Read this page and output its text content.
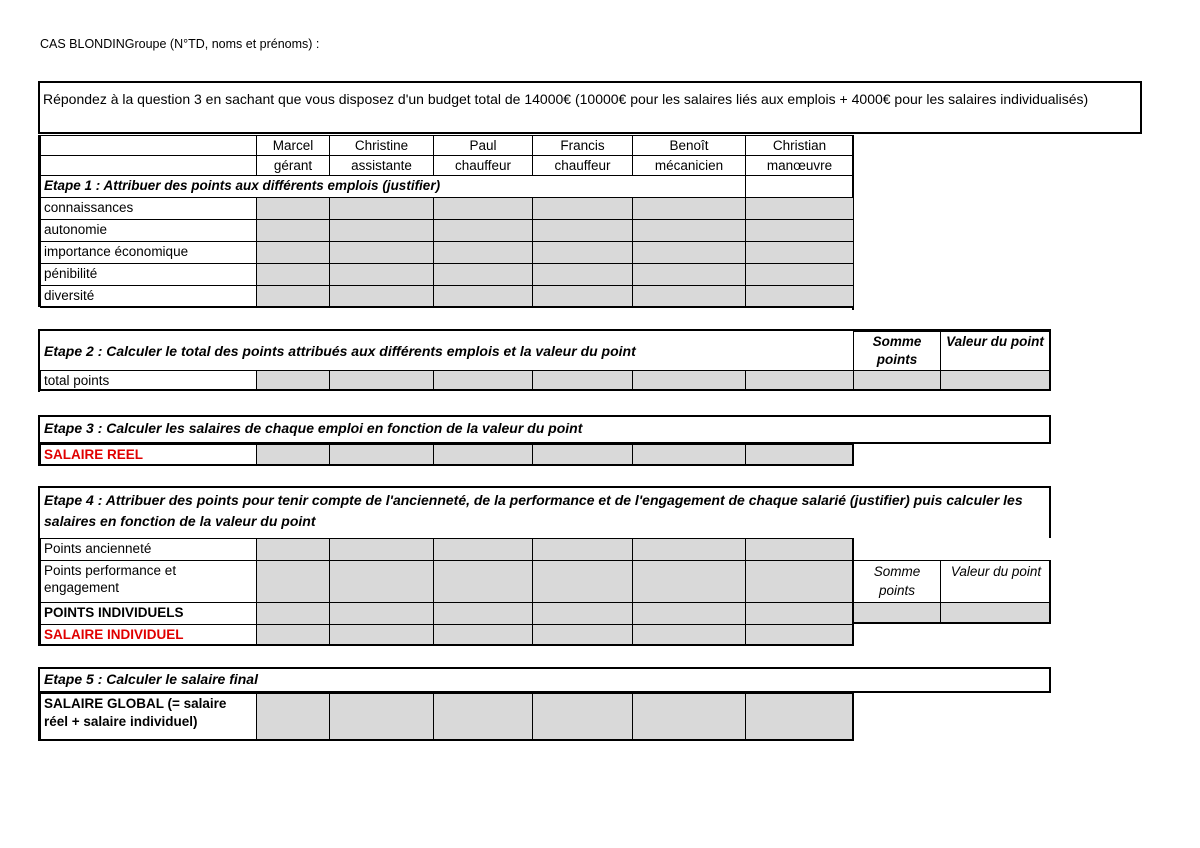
CAS BLONDINGroupe (N°TD, noms et prénoms) :
Répondez à la question 3 en sachant que vous disposez d'un budget total de 14000€ (10000€ pour les salaires liés aux emplois + 4000€ pour les salaires individualisés)
Marcel
gérant
Christine
assistante
Paul
chauffeur
Francis
chauffeur
Benoît
mécanicien
Christian
manœuvre
Etape 1 : Attribuer des points aux différents emplois (justifier)
connaissances
autonomie
importance économique
pénibilité
diversité
Etape 2 : Calculer le total des points attribués aux différents emplois et la valeur du point
Somme points
Valeur du point
total points
Etape 3 : Calculer les salaires de chaque emploi en fonction de la valeur du point
SALAIRE REEL
Etape 4 : Attribuer des points pour tenir compte de l'ancienneté, de la performance et de l'engagement de chaque salarié (justifier) puis calculer les salaires en fonction de la valeur du point
Points ancienneté
Points performance et engagement
Somme points
Valeur du point
POINTS INDIVIDUELS
SALAIRE INDIVIDUEL
Etape 5 : Calculer le salaire final
SALAIRE GLOBAL (= salaire réel + salaire individuel)
